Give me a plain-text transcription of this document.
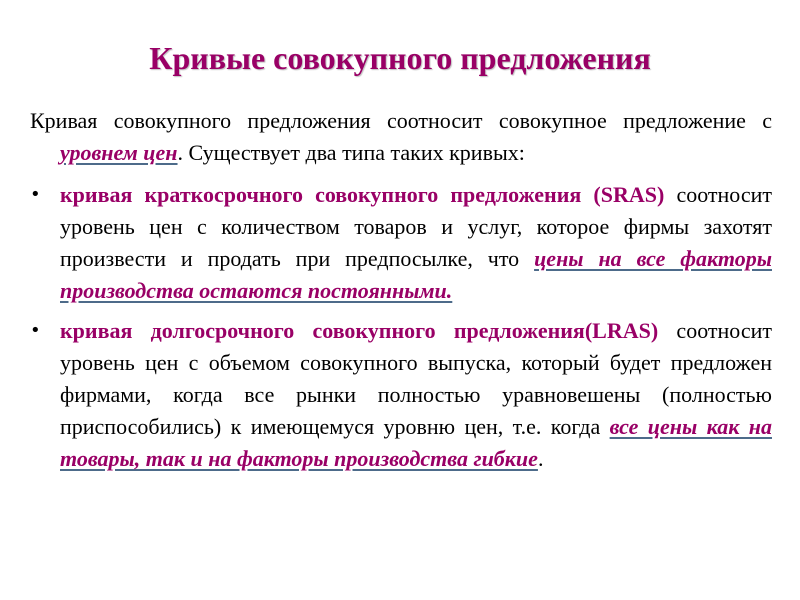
Кривые совокупного предложения

Кривая совокупного предложения соотносит совокупное предложение с уровнем цен. Существует два типа таких кривых:

• кривая краткосрочного совокупного предложения (SRAS) соотносит уровень цен с количеством товаров и услуг, которое фирмы захотят произвести и продать при предпосылке, что цены на все факторы производства остаются постоянными.
• кривая долгосрочного совокупного предложения(LRAS) соотносит уровень цен с объемом совокупного выпуска, который будет предложен фирмами, когда все рынки полностью уравновешены (полностью приспособились) к имеющемуся уровню цен, т.е. когда все цены как на товары, так и на факторы производства гибкие.
